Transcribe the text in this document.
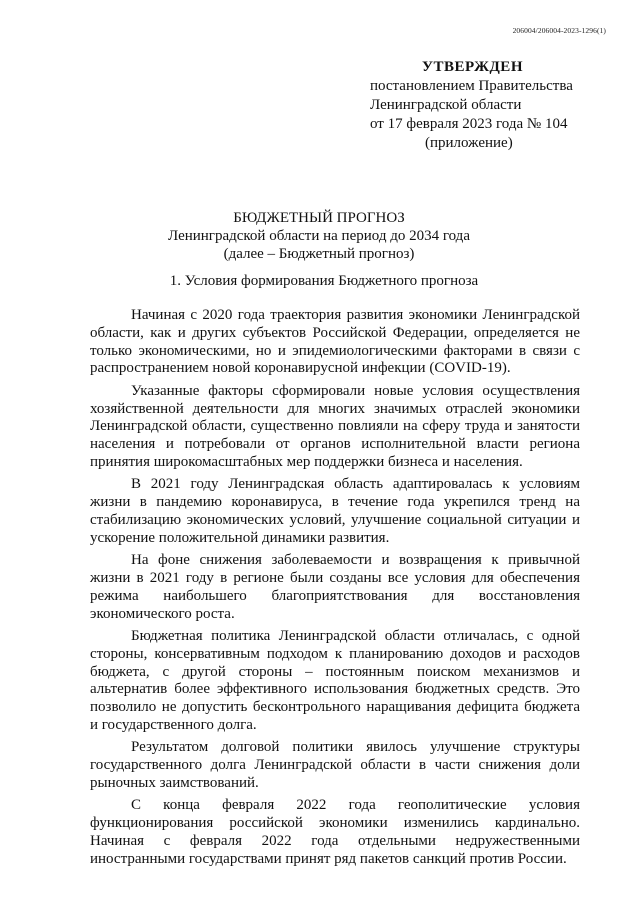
206004/206004-2023-1296(1)
УТВЕРЖДЕН
постановлением Правительства
Ленинградской области
от 17 февраля 2023 года № 104
(приложение)
БЮДЖЕТНЫЙ ПРОГНОЗ
Ленинградской области на период до 2034 года
(далее – Бюджетный прогноз)
1. Условия формирования Бюджетного прогноза

Начиная с 2020 года траектория развития экономики Ленинградской области, как и других субъектов Российской Федерации, определяется не только экономическими, но и эпидемиологическими факторами в связи с распространением новой коронавирусной инфекции (COVID-19).

Указанные факторы сформировали новые условия осуществления хозяйственной деятельности для многих значимых отраслей экономики Ленинградской области, существенно повлияли на сферу труда и занятости населения и потребовали от органов исполнительной власти региона принятия широкомасштабных мер поддержки бизнеса и населения.

В 2021 году Ленинградская область адаптировалась к условиям жизни в пандемию коронавируса, в течение года укрепился тренд на стабилизацию экономических условий, улучшение социальной ситуации и ускорение положительной динамики развития.

На фоне снижения заболеваемости и возвращения к привычной жизни в 2021 году в регионе были созданы все условия для обеспечения режима наибольшего благоприятствования для восстановления экономического роста.

Бюджетная политика Ленинградской области отличалась, с одной стороны, консервативным подходом к планированию доходов и расходов бюджета, с другой стороны – постоянным поиском механизмов и альтернатив более эффективного использования бюджетных средств. Это позволило не допустить бесконтрольного наращивания дефицита бюджета и государственного долга.

Результатом долговой политики явилось улучшение структуры государственного долга Ленинградской области в части снижения доли рыночных заимствований.

С конца февраля 2022 года геополитические условия функционирования российской экономики изменились кардинально. Начиная с февраля 2022 года отдельными недружественными иностранными государствами принят ряд пакетов санкций против России.
